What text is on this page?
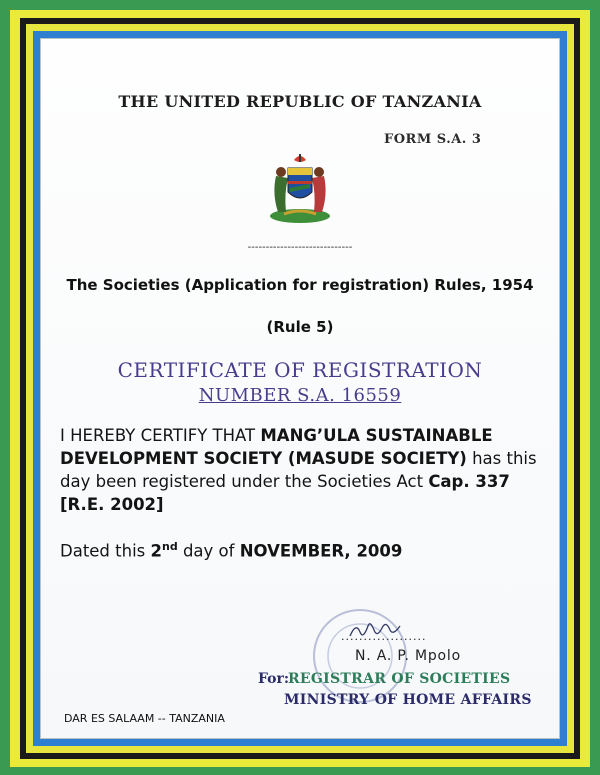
THE UNITED REPUBLIC OF TANZANIA
FORM S.A. 3
-----------------------------
The Societies (Application for registration) Rules, 1954
(Rule 5)
CERTIFICATE OF REGISTRATION
NUMBER S.A. 16559
I HEREBY CERTIFY THAT MANG’ULA SUSTAINABLE DEVELOPMENT SOCIETY (MASUDE SOCIETY) has this day been registered under the Societies Act Cap. 337 [R.E. 2002]
Dated this 2nd day of NOVEMBER, 2009
...................
N. A. P. Mpolo
For:
REGISTRAR OF SOCIETIES
MINISTRY OF HOME AFFAIRS
DAR ES SALAAM -- TANZANIA
